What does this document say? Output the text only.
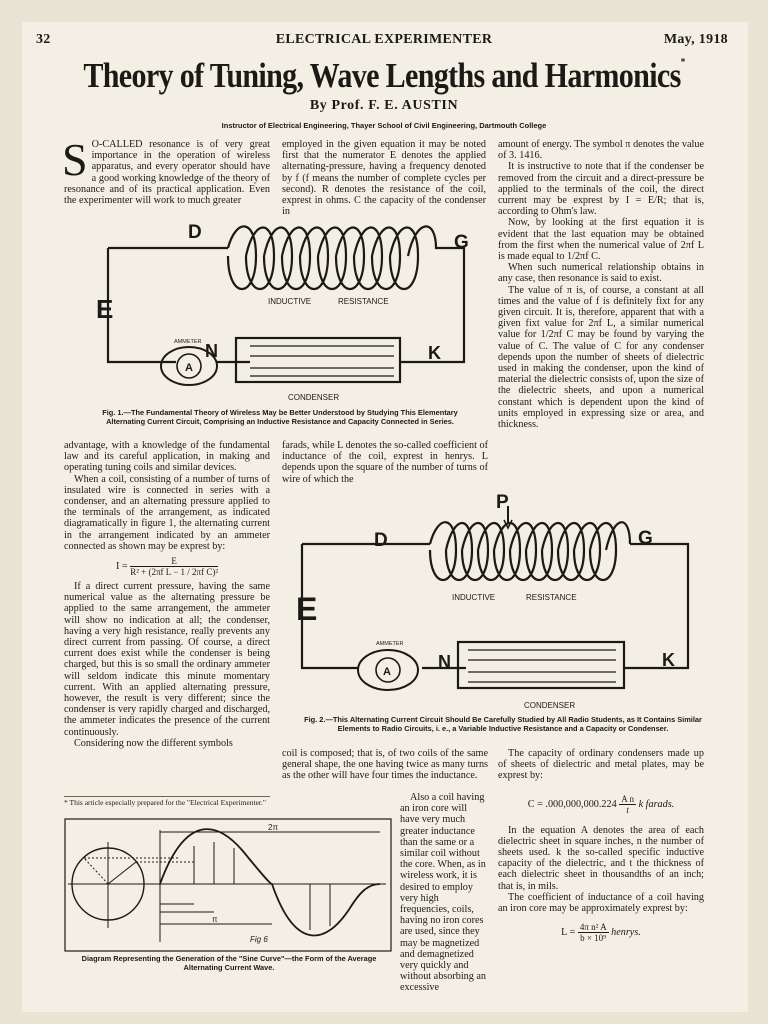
32	ELECTRICAL EXPERIMENTER	May, 1918
Theory of Tuning, Wave Lengths and Harmonics*
By Prof. F. E. AUSTIN
Instructor of Electrical Engineering, Thayer School of Civil Engineering, Dartmouth College

S O-CALLED resonance is of very great importance in the operation of wireless apparatus, and every operator should have a good working knowledge of the theory of resonance and of its practical application. Even the experimenter will work to much greater

employed in the given equation it may be noted first that the numerator E denotes the applied alternating-pressure, having a frequency denoted by f (f means the number of complete cycles per second). R denotes the resistance of the coil, exprest in ohms. C the capacity of the condenser in

amount of energy. The symbol π denotes the value of 3. 1416.

It is instructive to note that if the condenser be removed from the circuit and a direct-pressure be applied to the terminals of the coil, the direct current may be exprest by I = E/R; that is, according to Ohm's law.

Now, by looking at the first equation it is evident that the last equation may be obtained from the first when the numerical value of 2πf L is made equal to 1/2πf C.

When such numerical relationship obtains in any case, then resonance is said to exist.

The value of π is, of course, a constant at all times and the value of f is definitely fixt for any given circuit. It is, therefore, apparent that with a given fixt value for 2πf L, a similar numerical value for 1/2πf C may be found by varying the value of C. The value of C for any condenser depends upon the number of sheets of dielectric used in making the condenser, upon the kind of material the dielectric consists of, upon the size of the dielectric sheets, and upon a numerical constant which is dependent upon the kind of units employed in expressing size or area, and thickness.

D	G
E
N	K
A
AMMETER
INDUCTIVE	RESISTANCE
CONDENSER
Fig. 1.—The Fundamental Theory of Wireless May be Better Understood by Studying This Elementary Alternating Current Circuit, Comprising an Inductive Resistance and Capacity Connected in Series.

advantage, with a knowledge of the fundamental law and its careful application, in making and operating tuning coils and similar devices.

When a coil, consisting of a number of turns of insulated wire is connected in series with a condenser, and an alternating pressure applied to the terminals of the arrangement, as indicated diagramatically in figure 1, the alternating current in the arrangement indicated by an ammeter connected as shown may be exprest by:

$I = \frac{E}{\text{R² + (2πf L − 1 / 2πf C)²}}$

If a direct current pressure, having the same numerical value as the alternating pressure be applied to the same arrangement, the ammeter will show no indication at all; the condenser, having a very high resistance, really prevents any direct current from passing. Of course, a direct current does exist while the condenser is being charged, but this is so small the ordinary ammeter will seldom indicate this minute momentary current. With an applied alternating pressure, however, the result is very different; since the condenser is very rapidly charged and discharged, the ammeter indicates the presence of the current continuously.

Considering now the different symbols

* This article especially prepared for the "Electrical Experimenter."

farads, while L denotes the so-called coefficient of inductance of the coil, exprest in henrys. L depends upon the square of the number of turns of wire of which the

P
D	G
E
N	K
A
AMMETER
INDUCTIVE	RESISTANCE
CONDENSER
Fig. 2.—This Alternating Current Circuit Should Be Carefully Studied by All Radio Students, as It Contains Similar Elements to Radio Circuits, i. e., a Variable Inductive Resistance and a Capacity or Condenser.

coil is composed; that is, of two coils of the same general shape, the one having twice as many turns as the other will have four times the inductance.

Also a coil having an iron core will have very much greater inductance than the same or a similar coil without the core. When, as in wireless work, it is desired to employ very high frequencies, coils, having no iron cores are used, since they may be magnetized and demagnetized very quickly and without absorbing an excessive

2π
π
Fig 6
Diagram Representing the Generation of the "Sine Curve"—the Form of the Average Alternating Current Wave.

The capacity of ordinary condensers made up of sheets of dielectric and metal plates, may be exprest by:

$C = .000,000,000.224 \frac{\text{A n}}{t}$ k farads.

In the equation A denotes the area of each dielectric sheet in square inches, n the number of sheets used. k the so-called specific inductive capacity of the dielectric, and t the thickness of each dielectric sheet in thousandths of an inch; that is, in mils.

The coefficient of inductance of a coil having an iron core may be approximately exprest by:

$L = \frac{\text{4π n² A}}{\text{b × 10⁹}}$ henrys.
